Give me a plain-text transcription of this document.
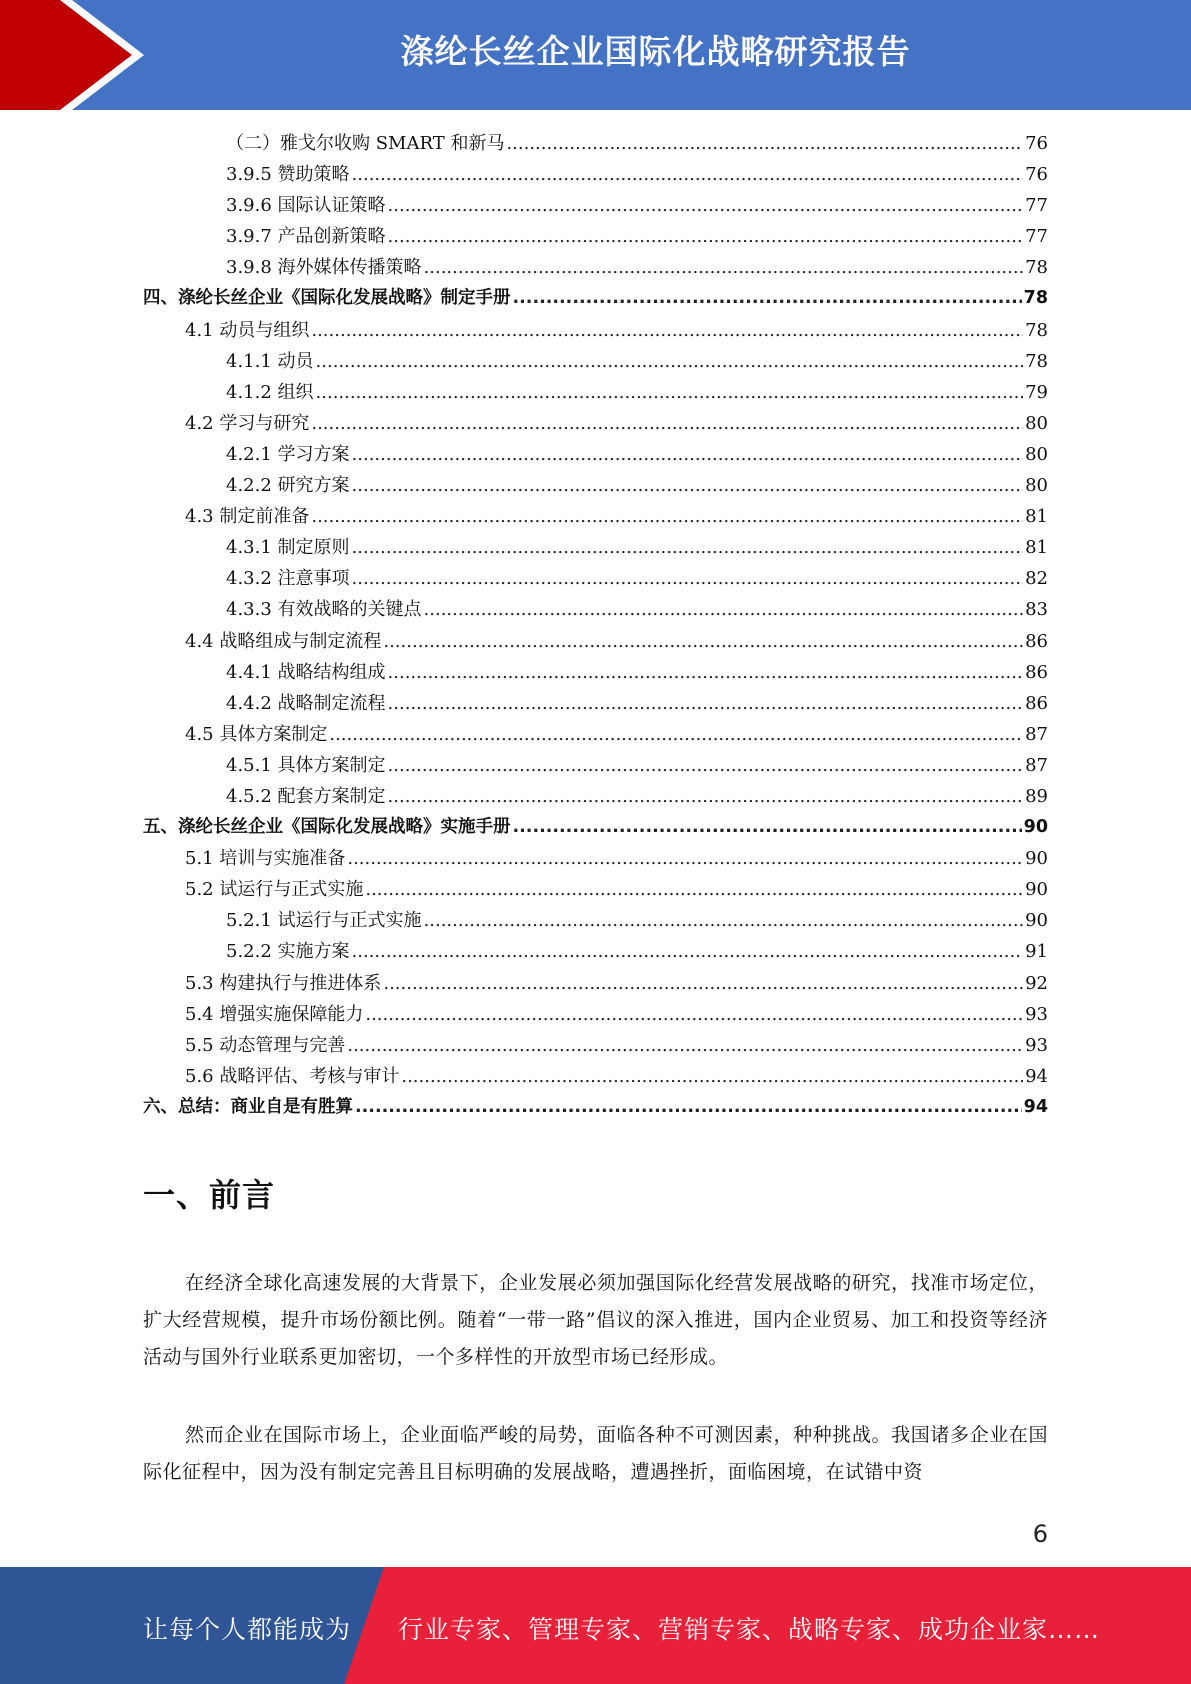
涤纶长丝企业国际化战略研究报告
（二）雅戈尔收购 SMART 和新马 .....	76
3.9.5 赞助策略 .....	76
3.9.6 国际认证策略 .....	77
3.9.7 产品创新策略 .....	77
3.9.8 海外媒体传播策略 .....	78
四、涤纶长丝企业《国际化发展战略》制定手册 .....	78
4.1 动员与组织 .....	78
4.1.1 动员 .....	78
4.1.2 组织 .....	79
4.2 学习与研究 .....	80
4.2.1 学习方案 .....	80
4.2.2 研究方案 .....	80
4.3 制定前准备 .....	81
4.3.1 制定原则 .....	81
4.3.2 注意事项 .....	82
4.3.3 有效战略的关键点 .....	83
4.4 战略组成与制定流程 .....	86
4.4.1 战略结构组成 .....	86
4.4.2 战略制定流程 .....	86
4.5 具体方案制定 .....	87
4.5.1 具体方案制定 .....	87
4.5.2 配套方案制定 .....	89
五、涤纶长丝企业《国际化发展战略》实施手册 .....	90
5.1 培训与实施准备 .....	90
5.2 试运行与正式实施 .....	90
5.2.1 试运行与正式实施 .....	90
5.2.2 实施方案 .....	91
5.3 构建执行与推进体系 .....	92
5.4 增强实施保障能力 .....	93
5.5 动态管理与完善 .....	93
5.6 战略评估、考核与审计 .....	94
六、总结：商业自是有胜算 .....	94
一、前言
在经济全球化高速发展的大背景下，企业发展必须加强国际化经营发展战略的研究，找准市场定位，扩大经营规模，提升市场份额比例。随着“一带一路”倡议的深入推进，国内企业贸易、加工和投资等经济活动与国外行业联系更加密切，一个多样性的开放型市场已经形成。
然而企业在国际市场上，企业面临严峻的局势，面临各种不可测因素，种种挑战。我国诸多企业在国际化征程中，因为没有制定完善且目标明确的发展战略，遭遇挫折，面临困境，在试错中资
6
让每个人都能成为 行业专家、管理专家、营销专家、战略专家、成功企业家……
